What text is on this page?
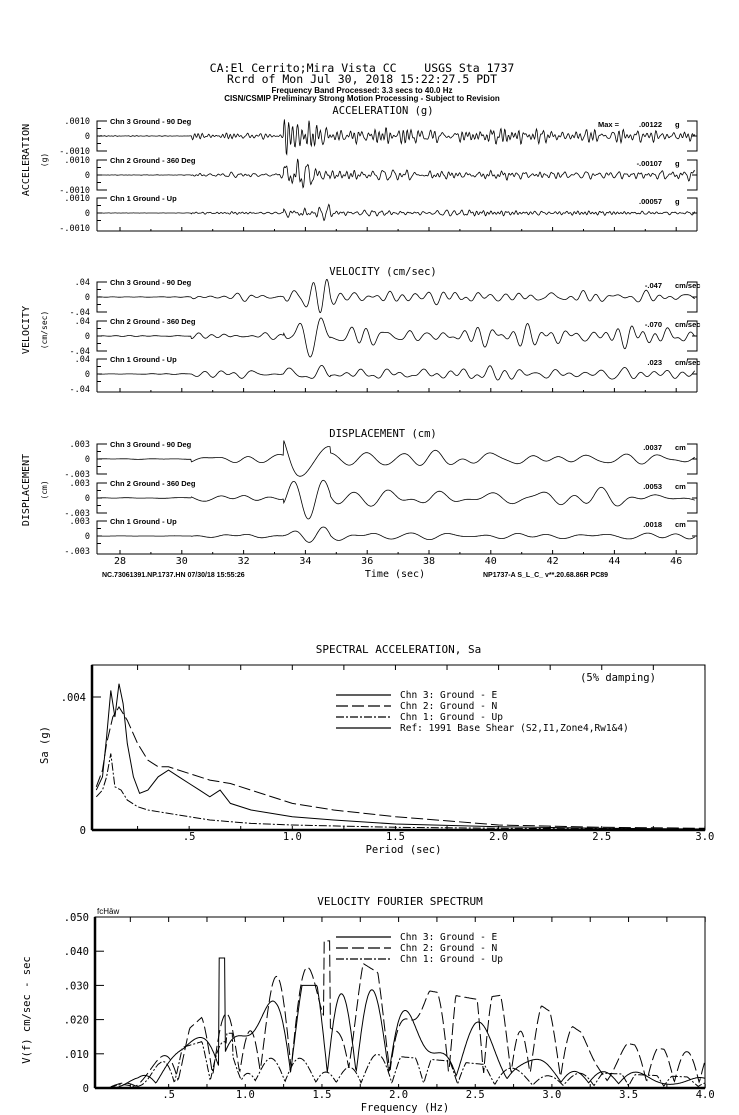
CA:El Cerrito;Mira Vista CC    USGS Sta 1737
Rcrd of Mon Jul 30, 2018 15:22:27.5 PDT
Frequency Band Processed: 3.3 secs to 40.0 Hz
CISN/CSMIP Preliminary Strong Motion Processing - Subject to Revision
ACCELERATION (g)
ACCELERATION (g)
.0010
0
-.0010
Chn 3 Ground - 90 Deg	Max =	.00122 g
.0010
0
-.0010
Chn 2 Ground - 360 Deg	-.00107 g
.0010
0
-.0010
Chn 1 Ground - Up	.00057 g
VELOCITY (cm/sec)
VELOCITY (cm/sec)
.04
0
-.04
Chn 3 Ground - 90 Deg	-.047 cm/sec
.04
0
-.04
Chn 2 Ground - 360 Deg	-.070 cm/sec
.04
0
-.04
Chn 1 Ground - Up	.023 cm/sec
DISPLACEMENT (cm)
DISPLACEMENT (cm)
.003
0
-.003
Chn 3 Ground - 90 Deg	.0037 cm
.003
0
-.003
Chn 2 Ground - 360 Deg	.0053 cm
.003
0
-.003
Chn 1 Ground - Up	.0018 cm
28	30	32	34	36	38	40	42	44	46
Time (sec)
NC.73061391.NP.1737.HN 07/30/18 15:55:26	NP1737-A S_L_C_ v**.20.68.86R PC89
SPECTRAL ACCELERATION, Sa
Period (sec)
.5	1.0	1.5	2.0	2.5	3.0
0
.004	Chn 3: Ground - E
Chn 2: Ground - N
Chn 1: Ground - Up
Ref: 1991 Base Shear (S2,I1,Zone4,Rw1&4)
Sa (g)
(5% damping)
VELOCITY FOURIER SPECTRUM
Frequency (Hz)
.5	1.0	1.5	2.0	2.5	3.0	3.5	4.0
0
.010
.020
.030
.040
.050
Chn 3: Ground - E
Chn 2: Ground - N
Chn 1: Ground - Up
V(f) cm/sec - sec
fcHāw
